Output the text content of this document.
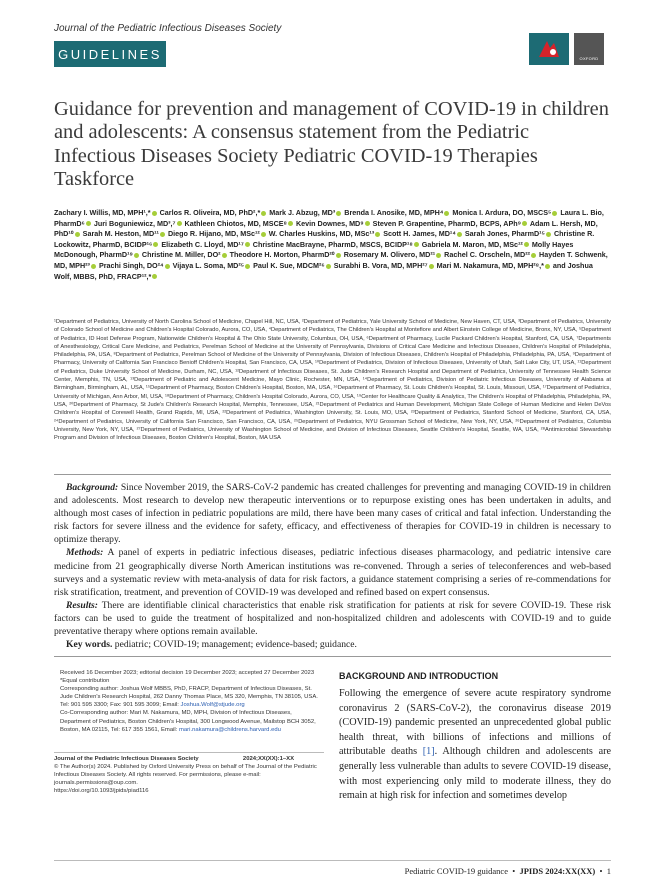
Journal of the Pediatric Infectious Diseases Society
GUIDELINES	OXFORD
Guidance for prevention and management of COVID-19 in children and adolescents: A consensus statement from the Pediatric Infectious Diseases Society Pediatric COVID-19 Therapies Taskforce
Zachary I. Willis, MD, MPH¹,* Carlos R. Oliveira, MD, PhD²,* Mark J. Abzug, MD³ Brenda I. Anosike, MD, MPH⁴ Monica I. Ardura, DO, MSCS⁵ Laura L. Bio, PharmD⁶ Juri Boguniewicz, MD³,⁷ Kathleen Chiotos, MD, MSCE⁸ Kevin Downes, MD⁹ Steven P. Grapentine, PharmD, BCPS, APh⁹ Adam L. Hersh, MD, PhD¹⁰ Sarah M. Heston, MD¹¹ Diego R. Hijano, MD, MSc¹² W. Charles Huskins, MD, MSc¹³ Scott H. James, MD¹⁴ Sarah Jones, PharmD¹⁵ Christine R. Lockowitz, PharmD, BCIDP¹⁶ Elizabeth C. Lloyd, MD¹⁷ Christine MacBrayne, PharmD, MSCS, BCIDP¹⁸ Gabriela M. Maron, MD, MSc¹² Molly Hayes McDonough, PharmD¹⁹ Christine M. Miller, DO² Theodore H. Morton, PharmD²⁰ Rosemary M. Olivero, MD²¹ Rachel C. Orscheln, MD²² Hayden T. Schwenk, MD, MPH²³ Prachi Singh, DO²⁴ Vijaya L. Soma, MD²⁵ Paul K. Sue, MDCM²⁶ Surabhi B. Vora, MD, MPH²⁷ Mari M. Nakamura, MD, MPH²⁸,* and Joshua Wolf, MBBS, PhD, FRACP¹²,*
¹Department of Pediatrics, University of North Carolina School of Medicine, Chapel Hill, NC, USA, ²Department of Pediatrics, Yale University School of Medicine, New Haven, CT, USA, ³Department of Pediatrics, University of Colorado School of Medicine and Children's Hospital Colorado, Aurora, CO, USA, ⁴Department of Pediatrics, The Children's Hospital at Montefiore and Albert Einstein College of Medicine, Bronx, NY, USA, ⁵Department of Pediatrics, ID Host Defense Program, Nationwide Children's Hospital & The Ohio State University, Columbus, OH, USA, ⁶Department of Pharmacy, Lucile Packard Children's Hospital, Stanford, CA, USA, ⁷Departments of Anesthesiology, Critical Care Medicine, and Pediatrics, Perelman School of Medicine at the University of Pennsylvania, Divisions of Critical Care Medicine and Infectious Diseases, Children's Hospital of Philadelphia, Philadelphia, PA, USA, ⁸Department of Pediatrics, Perelman School of Medicine of the University of Pennsylvania, Division of Infectious Diseases, Children's Hospital of Philadelphia, Philadelphia, PA, USA, ⁹Department of Pharmacy, University of California San Francisco Benioff Children's Hospital, San Francisco, CA, USA, ¹⁰Department of Pediatrics, Division of Infectious Diseases, University of Utah, Salt Lake City, UT, USA, ¹¹Department of Pediatrics, Duke University School of Medicine, Durham, NC, USA, ¹²Department of Infectious Diseases, St. Jude Children's Research Hospital and Department of Pediatrics, University of Tennessee Health Science Center, Memphis, TN, USA, ¹³Department of Pediatric and Adolescent Medicine, Mayo Clinic, Rochester, MN, USA, ¹⁴Department of Pediatrics, Division of Pediatric Infectious Diseases, University of Alabama at Birmingham, Birmingham, AL, USA, ¹⁵Department of Pharmacy, Boston Children's Hospital, Boston, MA, USA, ¹⁶Department of Pharmacy, St. Louis Children's Hospital, St. Louis, Missouri, USA, ¹⁷Department of Pediatrics, University of Michigan, Ann Arbor, MI, USA, ¹⁸Department of Pharmacy, Children's Hospital Colorado, Aurora, CO, USA, ¹⁹Center for Healthcare Quality & Analytics, The Children's Hospital of Philadelphia, Philadelphia, PA, USA, ²⁰Department of Pharmacy, St Jude's Children's Research Hospital, Memphis, Tennessee, USA, ²¹Department of Pediatrics and Human Development, Michigan State College of Human Medicine and Helen DeVos Children's Hospital of Corewell Health, Grand Rapids, MI, USA, ²²Department of Pediatrics, Washington University, St. Louis, MO, USA, ²³Department of Pediatrics, Stanford School of Medicine, Stanford, CA, USA, ²⁴Department of Pediatrics, University of California San Francisco, San Francisco, CA, USA, ²⁵Department of Pediatrics, NYU Grossman School of Medicine, New York, NY, USA, ²⁶Department of Pediatrics, Columbia University, New York, NY, USA, ²⁷Department of Pediatrics, University of Washington School of Medicine, and Division of Infectious Diseases, Seattle Children's Hospital, Seattle, WA, USA, ²⁸Antimicrobial Stewardship Program and Division of Infectious Diseases, Boston Children's Hospital, Boston, MA USA

Background: Since November 2019, the SARS-CoV-2 pandemic has created challenges for preventing and managing COVID-19 in children and adolescents. Most research to develop new therapeutic interventions or to repurpose existing ones has been undertaken in adults, and although most cases of infection in pediatric populations are mild, there have been many cases of critical and fatal infection. Understanding the risk factors for severe illness and the evidence for safety, efficacy, and effectiveness of therapies for COVID-19 in children is necessary to optimize therapy.

Methods: A panel of experts in pediatric infectious diseases, pediatric infectious diseases pharmacology, and pediatric intensive care medicine from 21 geographically diverse North American institutions was re-convened. Through a series of teleconferences and web-based surveys and a systematic review with meta-analysis of data for risk factors, a guidance statement comprising a series of re-commendations for risk stratification, treatment, and prevention of COVID-19 was developed and refined based on expert consensus.

Results: There are identifiable clinical characteristics that enable risk stratification for patients at risk for severe COVID-19. These risk factors can be used to guide the treatment of hospitalized and non-hospitalized children and adolescents with COVID-19 and to guide preventative therapy where options remain available.

Key words. pediatric; COVID-19; management; evidence-based; guidance.

Received 16 December 2023; editorial decision 19 December 2023; accepted 27 December 2023

*Equal contribution

Corresponding author: Joshua Wolf MBBS, PhD, FRACP, Department of Infectious Diseases, St. Jude Children's Research Hospital, 262 Danny Thomas Place, MS 320, Memphis, TN 38105, USA. Tel: 901 595 3300; Fax: 901 595 3099; Email: Joshua.Wolf@stjude.org

Co-Corresponding author: Mari M. Nakamura, MD, MPH, Division of Infectious Diseases, Department of Pediatrics, Boston Children's Hospital, 300 Longwood Avenue, Mailstop BCH 3052, Boston, MA 02115, Tel: 617 355 1561, Email: mari.nakamura@childrens.harvard.edu

Journal of the Pediatric Infectious Diseases Society	2024;XX(XX):1–XX

© The Author(s) 2024. Published by Oxford University Press on behalf of The Journal of the Pediatric Infectious Diseases Society. All rights reserved. For permissions, please e-mail: journals.permissions@oup.com.

https://doi.org/10.1093/jpids/piad116

BACKGROUND AND INTRODUCTION
Following the emergence of severe acute respiratory syndrome coronavirus 2 (SARS-CoV-2), the coronavirus disease 2019 (COVID-19) pandemic presented an unprecedented global public health threat, with billions of infections and millions of attributable deaths [1]. Although children and adolescents are generally less vulnerable than adults to severe COVID-19 disease, with most experiencing only mild to moderate illness, they do remain at high risk for infection and sometimes develop
Pediatric COVID-19 guidance  •  JPIDS 2024:XX(XX)  •  1
